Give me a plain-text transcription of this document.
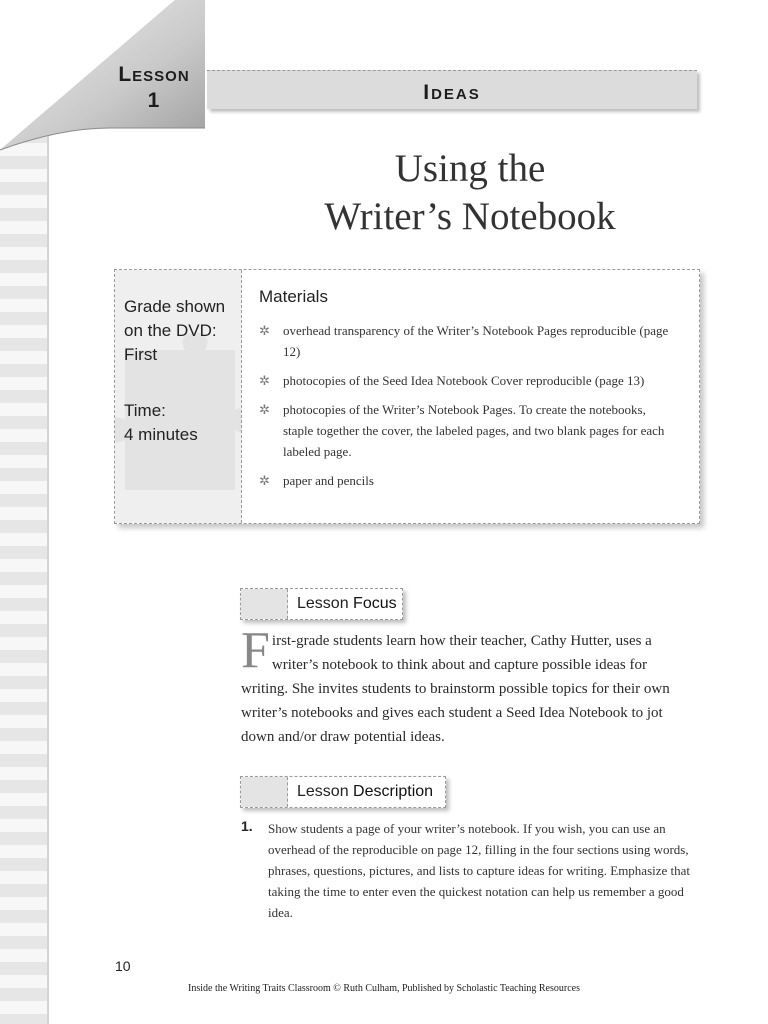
Lesson
1	Ideas
Using the
Writer’s Notebook
Grade shown
on the DVD:
First
Time:
4 minutes
Materials
✲ overhead transparency of the Writer’s Notebook Pages reproducible (page 12)
✲ photocopies of the Seed Idea Notebook Cover reproducible (page 13)
✲ photocopies of the Writer’s Notebook Pages. To create the notebooks, staple together the cover, the labeled pages, and two blank pages for each labeled page.
✲ paper and pencils
Lesson Focus
First-grade students learn how their teacher, Cathy Hutter, uses a writer’s notebook to think about and capture possible ideas for writing. She invites students to brainstorm possible topics for their own writer’s notebooks and gives each student a Seed Idea Notebook to jot down and/or draw potential ideas.
Lesson Description
1. Show students a page of your writer’s notebook. If you wish, you can use an overhead of the reproducible on page 12, filling in the four sections using words, phrases, questions, pictures, and lists to capture ideas for writing. Emphasize that taking the time to enter even the quickest notation can help us remember a good idea.
10
Inside the Writing Traits Classroom © Ruth Culham, Published by Scholastic Teaching Resources
